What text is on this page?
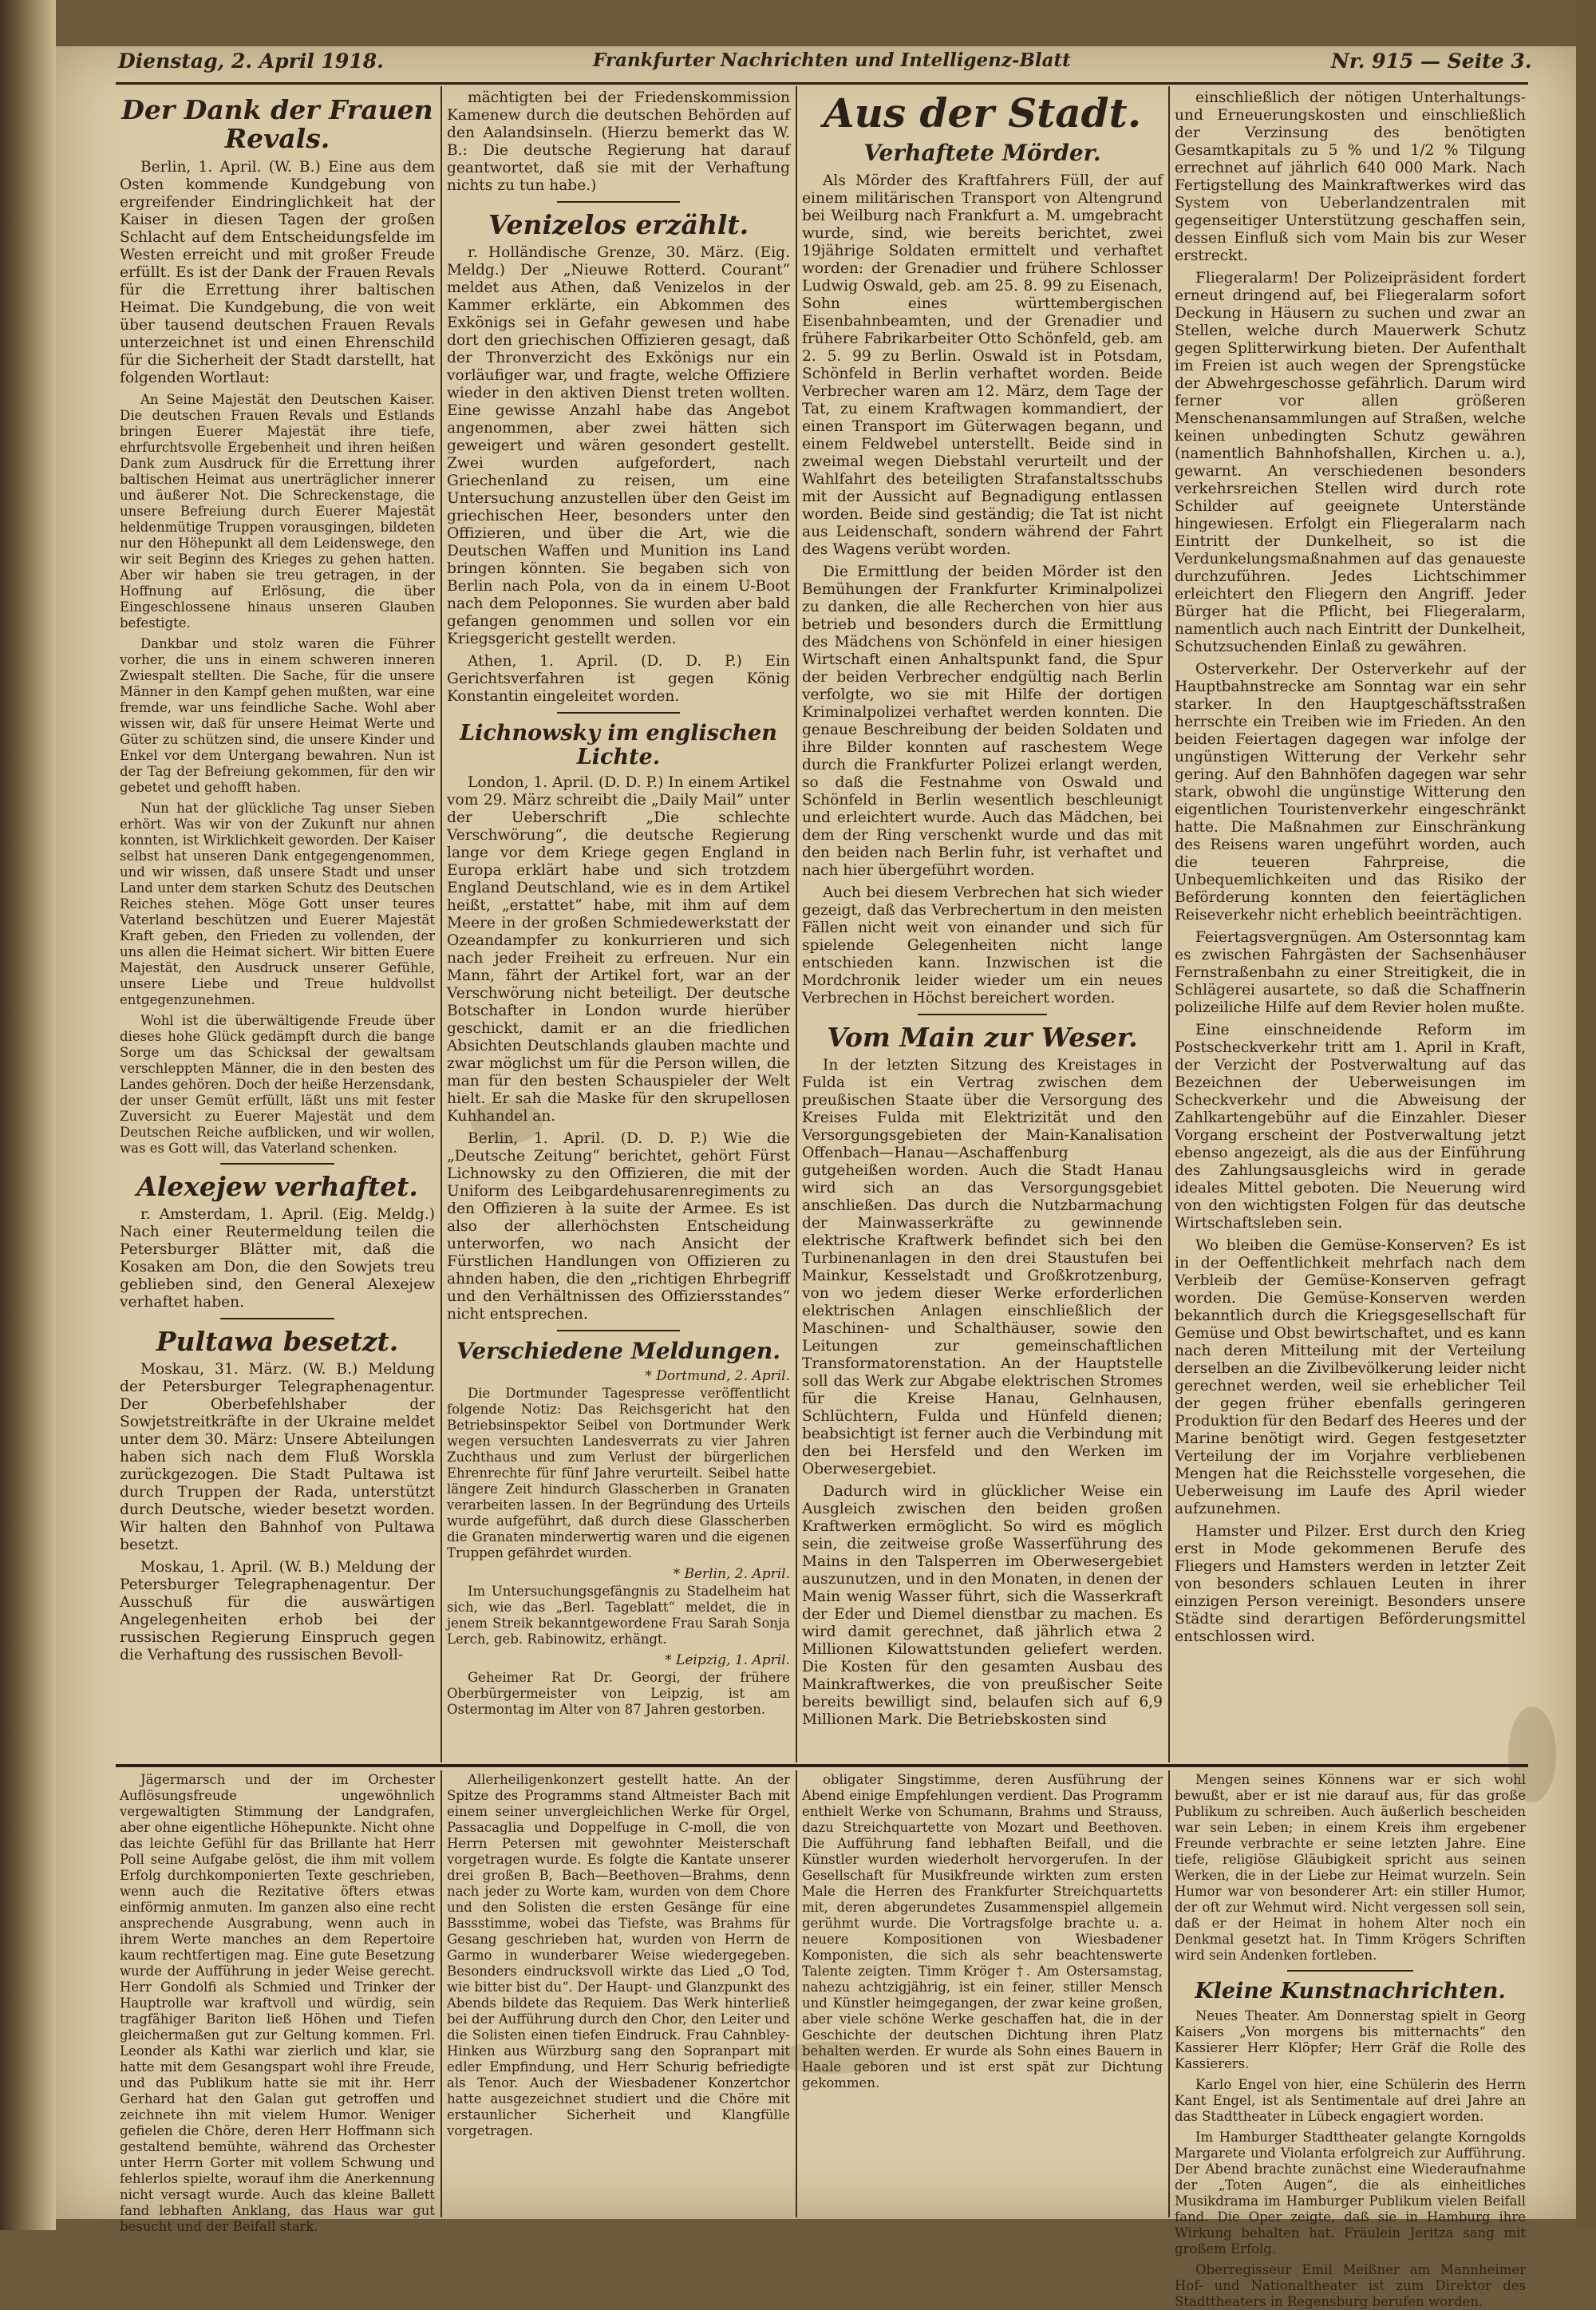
Dienstag, 2. April 1918.	Frankfurter Nachrichten und Intelligenz-Blatt	Nr. 915 — Seite 3.
Der Dank der Frauen Revals.

Berlin, 1. April. (W. B.) Eine aus dem Osten kommende Kundgebung von ergreifender Eindringlichkeit hat der Kaiser in diesen Tagen der großen Schlacht auf dem Entscheidungsfelde im Westen erreicht und mit großer Freude erfüllt. Es ist der Dank der Frauen Revals für die Errettung ihrer baltischen Heimat. Die Kundgebung, die von weit über tausend deutschen Frauen Revals unterzeichnet ist und einen Ehrenschild für die Sicherheit der Stadt darstellt, hat folgenden Wortlaut:

An Seine Majestät den Deutschen Kaiser. Die deutschen Frauen Revals und Estlands bringen Euerer Majestät ihre tiefe, ehrfurchtsvolle Ergebenheit und ihren heißen Dank zum Ausdruck für die Errettung ihrer baltischen Heimat aus unerträglicher innerer und äußerer Not. Die Schreckenstage, die unsere Befreiung durch Euerer Majestät heldenmütige Truppen vorausgingen, bildeten nur den Höhepunkt all dem Leidenswege, den wir seit Beginn des Krieges zu gehen hatten. Aber wir haben sie treu getragen, in der Hoffnung auf Erlösung, die über Eingeschlossene hinaus unseren Glauben befestigte.

Dankbar und stolz waren die Führer vorher, die uns in einem schweren inneren Zwiespalt stellten. Die Sache, für die unsere Männer in den Kampf gehen mußten, war eine fremde, war uns feindliche Sache. Wohl aber wissen wir, daß für unsere Heimat Werte und Güter zu schützen sind, die unsere Kinder und Enkel vor dem Untergang bewahren. Nun ist der Tag der Befreiung gekommen, für den wir gebetet und gehofft haben.

Nun hat der glückliche Tag unser Sieben erhört. Was wir von der Zukunft nur ahnen konnten, ist Wirklichkeit geworden. Der Kaiser selbst hat unseren Dank entgegengenommen, und wir wissen, daß unsere Stadt und unser Land unter dem starken Schutz des Deutschen Reiches stehen. Möge Gott unser teures Vaterland beschützen und Euerer Majestät Kraft geben, den Frieden zu vollenden, der uns allen die Heimat sichert. Wir bitten Euere Majestät, den Ausdruck unserer Gefühle, unsere Liebe und Treue huldvollst entgegenzunehmen.

Wohl ist die überwältigende Freude über dieses hohe Glück gedämpft durch die bange Sorge um das Schicksal der gewaltsam verschleppten Männer, die in den besten des Landes gehören. Doch der heiße Herzensdank, der unser Gemüt erfüllt, läßt uns mit fester Zuversicht zu Euerer Majestät und dem Deutschen Reiche aufblicken, und wir wollen, was es Gott will, das Vaterland schenken.

Alexejew verhaftet.

r. Amsterdam, 1. April. (Eig. Meldg.) Nach einer Reutermeldung teilen die Petersburger Blätter mit, daß die Kosaken am Don, die den Sowjets treu geblieben sind, den General Alexejew verhaftet haben.

Pultawa besetzt.

Moskau, 31. März. (W. B.) Meldung der Petersburger Telegraphenagentur. Der Oberbefehlshaber der Sowjetstreitkräfte in der Ukraine meldet unter dem 30. März: Unsere Abteilungen haben sich nach dem Fluß Worskla zurückgezogen. Die Stadt Pultawa ist durch Truppen der Rada, unterstützt durch Deutsche, wieder besetzt worden. Wir halten den Bahnhof von Pultawa besetzt.

Moskau, 1. April. (W. B.) Meldung der Petersburger Telegraphenagentur. Der Ausschuß für die auswärtigen Angelegenheiten erhob bei der russischen Regierung Einspruch gegen die Verhaftung des russischen Bevoll-

mächtigten bei der Friedenskommission Kamenew durch die deutschen Behörden auf den Aalandsinseln. (Hierzu bemerkt das W. B.: Die deutsche Regierung hat darauf geantwortet, daß sie mit der Verhaftung nichts zu tun habe.)

Venizelos erzählt.

r. Holländische Grenze, 30. März. (Eig. Meldg.) Der „Nieuwe Rotterd. Courant“ meldet aus Athen, daß Venizelos in der Kammer erklärte, ein Abkommen des Exkönigs sei in Gefahr gewesen und habe dort den griechischen Offizieren gesagt, daß der Thronverzicht des Exkönigs nur ein vorläufiger war, und fragte, welche Offiziere wieder in den aktiven Dienst treten wollten. Eine gewisse Anzahl habe das Angebot angenommen, aber zwei hätten sich geweigert und wären gesondert gestellt. Zwei wurden aufgefordert, nach Griechenland zu reisen, um eine Untersuchung anzustellen über den Geist im griechischen Heer, besonders unter den Offizieren, und über die Art, wie die Deutschen Waffen und Munition ins Land bringen könnten. Sie begaben sich von Berlin nach Pola, von da in einem U-Boot nach dem Peloponnes. Sie wurden aber bald gefangen genommen und sollen vor ein Kriegsgericht gestellt werden.

Athen, 1. April. (D. D. P.) Ein Gerichtsverfahren ist gegen König Konstantin eingeleitet worden.

Lichnowsky im englischen Lichte.

London, 1. April. (D. D. P.) In einem Artikel vom 29. März schreibt die „Daily Mail“ unter der Ueberschrift „Die schlechte Verschwörung“, die deutsche Regierung lange vor dem Kriege gegen England in Europa erklärt habe und sich trotzdem England Deutschland, wie es in dem Artikel heißt, „erstattet“ habe, mit ihm auf dem Meere in der großen Schmiedewerkstatt der Ozeandampfer zu konkurrieren und sich nach jeder Freiheit zu erfreuen. Nur ein Mann, fährt der Artikel fort, war an der Verschwörung nicht beteiligt. Der deutsche Botschafter in London wurde hierüber geschickt, damit er an die friedlichen Absichten Deutschlands glauben machte und zwar möglichst um für die Person willen, die man für den besten Schauspieler der Welt hielt. Er sah die Maske für den skrupellosen Kuhhandel an.

Berlin, 1. April. (D. D. P.) Wie die „Deutsche Zeitung“ berichtet, gehört Fürst Lichnowsky zu den Offizieren, die mit der Uniform des Leibgardehusarenregiments zu den Offizieren à la suite der Armee. Es ist also der allerhöchsten Entscheidung unterworfen, wo nach Ansicht der Fürstlichen Handlungen von Offizieren zu ahnden haben, die den „richtigen Ehrbegriff und den Verhältnissen des Offiziersstandes“ nicht entsprechen.

Verschiedene Meldungen.
* Dortmund, 2. April.

Die Dortmunder Tagespresse veröffentlicht folgende Notiz: Das Reichsgericht hat den Betriebsinspektor Seibel von Dortmunder Werk wegen versuchten Landesverrats zu vier Jahren Zuchthaus und zum Verlust der bürgerlichen Ehrenrechte für fünf Jahre verurteilt. Seibel hatte längere Zeit hindurch Glasscherben in Granaten verarbeiten lassen. In der Begründung des Urteils wurde aufgeführt, daß durch diese Glasscherben die Granaten minderwertig waren und die eigenen Truppen gefährdet wurden.

* Berlin, 2. April.

Im Untersuchungsgefängnis zu Stadelheim hat sich, wie das „Berl. Tageblatt“ meldet, die in jenem Streik bekanntgewordene Frau Sarah Sonja Lerch, geb. Rabinowitz, erhängt.

* Leipzig, 1. April.

Geheimer Rat Dr. Georgi, der frühere Oberbürgermeister von Leipzig, ist am Ostermontag im Alter von 87 Jahren gestorben.

Aus der Stadt.
Verhaftete Mörder.

Als Mörder des Kraftfahrers Füll, der auf einem militärischen Transport von Altengrund bei Weilburg nach Frankfurt a. M. umgebracht wurde, sind, wie bereits berichtet, zwei 19jährige Soldaten ermittelt und verhaftet worden: der Grenadier und frühere Schlosser Ludwig Oswald, geb. am 25. 8. 99 zu Eisenach, Sohn eines württembergischen Eisenbahnbeamten, und der Grenadier und frühere Fabrikarbeiter Otto Schönfeld, geb. am 2. 5. 99 zu Berlin. Oswald ist in Potsdam, Schönfeld in Berlin verhaftet worden. Beide Verbrecher waren am 12. März, dem Tage der Tat, zu einem Kraftwagen kommandiert, der einen Transport im Güterwagen begann, und einem Feldwebel unterstellt. Beide sind in zweimal wegen Diebstahl verurteilt und der Wahlfahrt des beteiligten Strafanstaltsschubs mit der Aussicht auf Begnadigung entlassen worden. Beide sind geständig; die Tat ist nicht aus Leidenschaft, sondern während der Fahrt des Wagens verübt worden.

Die Ermittlung der beiden Mörder ist den Bemühungen der Frankfurter Kriminalpolizei zu danken, die alle Recherchen von hier aus betrieb und besonders durch die Ermittlung des Mädchens von Schönfeld in einer hiesigen Wirtschaft einen Anhaltspunkt fand, die Spur der beiden Verbrecher endgültig nach Berlin verfolgte, wo sie mit Hilfe der dortigen Kriminalpolizei verhaftet werden konnten. Die genaue Beschreibung der beiden Soldaten und ihre Bilder konnten auf raschestem Wege durch die Frankfurter Polizei erlangt werden, so daß die Festnahme von Oswald und Schönfeld in Berlin wesentlich beschleunigt und erleichtert wurde. Auch das Mädchen, bei dem der Ring verschenkt wurde und das mit den beiden nach Berlin fuhr, ist verhaftet und nach hier übergeführt worden.

Auch bei diesem Verbrechen hat sich wieder gezeigt, daß das Verbrechertum in den meisten Fällen nicht weit von einander und sich für spielende Gelegenheiten nicht lange entschieden kann. Inzwischen ist die Mordchronik leider wieder um ein neues Verbrechen in Höchst bereichert worden.

Vom Main zur Weser.

In der letzten Sitzung des Kreistages in Fulda ist ein Vertrag zwischen dem preußischen Staate über die Versorgung des Kreises Fulda mit Elektrizität und den Versorgungsgebieten der Main-Kanalisation Offenbach—Hanau—Aschaffenburg gutgeheißen worden. Auch die Stadt Hanau wird sich an das Versorgungsgebiet anschließen. Das durch die Nutzbarmachung der Mainwasserkräfte zu gewinnende elektrische Kraftwerk befindet sich bei den Turbinenanlagen in den drei Staustufen bei Mainkur, Kesselstadt und Großkrotzenburg, von wo jedem dieser Werke erforderlichen elektrischen Anlagen einschließlich der Maschinen- und Schalthäuser, sowie den Leitungen zur gemeinschaftlichen Transformatorenstation. An der Hauptstelle soll das Werk zur Abgabe elektrischen Stromes für die Kreise Hanau, Gelnhausen, Schlüchtern, Fulda und Hünfeld dienen; beabsichtigt ist ferner auch die Verbindung mit den bei Hersfeld und den Werken im Oberwesergebiet.

Dadurch wird in glücklicher Weise ein Ausgleich zwischen den beiden großen Kraftwerken ermöglicht. So wird es möglich sein, die zeitweise große Wasserführung des Mains in den Talsperren im Oberwesergebiet auszunutzen, und in den Monaten, in denen der Main wenig Wasser führt, sich die Wasserkraft der Eder und Diemel dienstbar zu machen. Es wird damit gerechnet, daß jährlich etwa 2 Millionen Kilowattstunden geliefert werden. Die Kosten für den gesamten Ausbau des Mainkraftwerkes, die von preußischer Seite bereits bewilligt sind, belaufen sich auf 6,9 Millionen Mark. Die Betriebskosten sind

einschließlich der nötigen Unterhaltungs- und Erneuerungskosten und einschließlich der Verzinsung des benötigten Gesamtkapitals zu 5 % und 1/2 % Tilgung errechnet auf jährlich 640 000 Mark. Nach Fertigstellung des Mainkraftwerkes wird das System von Ueberlandzentralen mit gegenseitiger Unterstützung geschaffen sein, dessen Einfluß sich vom Main bis zur Weser erstreckt.

Fliegeralarm! Der Polizeipräsident fordert erneut dringend auf, bei Fliegeralarm sofort Deckung in Häusern zu suchen und zwar an Stellen, welche durch Mauerwerk Schutz gegen Splitterwirkung bieten. Der Aufenthalt im Freien ist auch wegen der Sprengstücke der Abwehrgeschosse gefährlich. Darum wird ferner vor allen größeren Menschenansammlungen auf Straßen, welche keinen unbedingten Schutz gewähren (namentlich Bahnhofshallen, Kirchen u. a.), gewarnt. An verschiedenen besonders verkehrsreichen Stellen wird durch rote Schilder auf geeignete Unterstände hingewiesen. Erfolgt ein Fliegeralarm nach Eintritt der Dunkelheit, so ist die Verdunkelungsmaßnahmen auf das genaueste durchzuführen. Jedes Lichtschimmer erleichtert den Fliegern den Angriff. Jeder Bürger hat die Pflicht, bei Fliegeralarm, namentlich auch nach Eintritt der Dunkelheit, Schutzsuchenden Einlaß zu gewähren.

Osterverkehr. Der Osterverkehr auf der Hauptbahnstrecke am Sonntag war ein sehr starker. In den Hauptgeschäftsstraßen herrschte ein Treiben wie im Frieden. An den beiden Feiertagen dagegen war infolge der ungünstigen Witterung der Verkehr sehr gering. Auf den Bahnhöfen dagegen war sehr stark, obwohl die ungünstige Witterung den eigentlichen Touristenverkehr eingeschränkt hatte. Die Maßnahmen zur Einschränkung des Reisens waren ungeführt worden, auch die teueren Fahrpreise, die Unbequemlichkeiten und das Risiko der Beförderung konnten den feiertäglichen Reiseverkehr nicht erheblich beeinträchtigen.

Feiertagsvergnügen. Am Ostersonntag kam es zwischen Fahrgästen der Sachsenhäuser Fernstraßenbahn zu einer Streitigkeit, die in Schlägerei ausartete, so daß die Schaffnerin polizeiliche Hilfe auf dem Revier holen mußte.

Eine einschneidende Reform im Postscheckverkehr tritt am 1. April in Kraft, der Verzicht der Postverwaltung auf das Bezeichnen der Ueberweisungen im Scheckverkehr und die Abweisung der Zahlkartengebühr auf die Einzahler. Dieser Vorgang erscheint der Postverwaltung jetzt ebenso angezeigt, als die aus der Einführung des Zahlungsausgleichs wird in gerade ideales Mittel geboten. Die Neuerung wird von den wichtigsten Folgen für das deutsche Wirtschaftsleben sein.

Wo bleiben die Gemüse-Konserven? Es ist in der Oeffentlichkeit mehrfach nach dem Verbleib der Gemüse-Konserven gefragt worden. Die Gemüse-Konserven werden bekanntlich durch die Kriegsgesellschaft für Gemüse und Obst bewirtschaftet, und es kann nach deren Mitteilung mit der Verteilung derselben an die Zivilbevölkerung leider nicht gerechnet werden, weil sie erheblicher Teil der gegen früher ebenfalls geringeren Produktion für den Bedarf des Heeres und der Marine benötigt wird. Gegen festgesetzter Verteilung der im Vorjahre verbliebenen Mengen hat die Reichsstelle vorgesehen, die Ueberweisung im Laufe des April wieder aufzunehmen.

Hamster und Pilzer. Erst durch den Krieg erst in Mode gekommenen Berufe des Fliegers und Hamsters werden in letzter Zeit von besonders schlauen Leuten in ihrer einzigen Person vereinigt. Besonders unsere Städte sind derartigen Beförderungsmittel entschlossen wird.

Jägermarsch und der im Orchester Auflösungsfreude ungewöhnlich vergewaltigten Stimmung der Landgrafen, aber ohne eigentliche Höhepunkte. Nicht ohne das leichte Gefühl für das Brillante hat Herr Poll seine Aufgabe gelöst, die ihm mit vollem Erfolg durchkomponierten Texte geschrieben, wenn auch die Rezitative öfters etwas einförmig anmuten. Im ganzen also eine recht ansprechende Ausgrabung, wenn auch in ihrem Werte manches an dem Repertoire kaum rechtfertigen mag. Eine gute Besetzung wurde der Aufführung in jeder Weise gerecht. Herr Gondolfi als Schmied und Trinker der Hauptrolle war kraftvoll und würdig, sein tragfähiger Bariton ließ Höhen und Tiefen gleichermaßen gut zur Geltung kommen. Frl. Leonder als Kathi war zierlich und klar, sie hatte mit dem Gesangspart wohl ihre Freude, und das Publikum hatte sie mit ihr. Herr Gerhard hat den Galan gut getroffen und zeichnete ihn mit vielem Humor. Weniger gefielen die Chöre, deren Herr Hoffmann sich gestaltend bemühte, während das Orchester unter Herrn Gorter mit vollem Schwung und fehlerlos spielte, worauf ihm die Anerkennung nicht versagt wurde. Auch das kleine Ballett fand lebhaften Anklang, das Haus war gut besucht und der Beifall stark.

Allerheiligenkonzert gestellt hatte. An der Spitze des Programms stand Altmeister Bach mit einem seiner unvergleichlichen Werke für Orgel, Passacaglia und Doppelfuge in C-moll, die von Herrn Petersen mit gewohnter Meisterschaft vorgetragen wurde. Es folgte die Kantate unserer drei großen B, Bach—Beethoven—Brahms, denn nach jeder zu Worte kam, wurden von dem Chore und den Solisten die ersten Gesänge für eine Bassstimme, wobei das Tiefste, was Brahms für Gesang geschrieben hat, wurden von Herrn de Garmo in wunderbarer Weise wiedergegeben. Besonders eindrucksvoll wirkte das Lied „O Tod, wie bitter bist du“. Der Haupt- und Glanzpunkt des Abends bildete das Requiem. Das Werk hinterließ bei der Aufführung durch den Chor, den Leiter und die Solisten einen tiefen Eindruck. Frau Cahnbley-Hinken aus Würzburg sang den Sopranpart mit edler Empfindung, und Herr Schurig befriedigte als Tenor. Auch der Wiesbadener Konzertchor hatte ausgezeichnet studiert und die Chöre mit erstaunlicher Sicherheit und Klangfülle vorgetragen.

obligater Singstimme, deren Ausführung der Abend einige Empfehlungen verdient. Das Programm enthielt Werke von Schumann, Brahms und Strauss, dazu Streichquartette von Mozart und Beethoven. Die Aufführung fand lebhaften Beifall, und die Künstler wurden wiederholt hervorgerufen. In der Gesellschaft für Musikfreunde wirkten zum ersten Male die Herren des Frankfurter Streichquartetts mit, deren abgerundetes Zusammenspiel allgemein gerühmt wurde. Die Vortragsfolge brachte u. a. neuere Kompositionen von Wiesbadener Komponisten, die sich als sehr beachtenswerte Talente zeigten. Timm Kröger †. Am Ostersamstag, nahezu achtzigjährig, ist ein feiner, stiller Mensch und Künstler heimgegangen, der zwar keine großen, aber viele schöne Werke geschaffen hat, die in der Geschichte der deutschen Dichtung ihren Platz behalten werden. Er wurde als Sohn eines Bauern in Haale geboren und ist erst spät zur Dichtung gekommen.

Mengen seines Könnens war er sich wohl bewußt, aber er ist nie darauf aus, für das große Publikum zu schreiben. Auch äußerlich bescheiden war sein Leben; in einem Kreis ihm ergebener Freunde verbrachte er seine letzten Jahre. Eine tiefe, religiöse Gläubigkeit spricht aus seinen Werken, die in der Liebe zur Heimat wurzeln. Sein Humor war von besonderer Art: ein stiller Humor, der oft zur Wehmut wird. Nicht vergessen soll sein, daß er der Heimat in hohem Alter noch ein Denkmal gesetzt hat. In Timm Krögers Schriften wird sein Andenken fortleben.

Kleine Kunstnachrichten.

Neues Theater. Am Donnerstag spielt in Georg Kaisers „Von morgens bis mitternachts“ den Kassierer Herr Klöpfer; Herr Gräf die Rolle des Kassierers.

Karlo Engel von hier, eine Schülerin des Herrn Kant Engel, ist als Sentimentale auf drei Jahre an das Stadttheater in Lübeck engagiert worden.

Im Hamburger Stadttheater gelangte Korngolds Margarete und Violanta erfolgreich zur Aufführung. Der Abend brachte zunächst eine Wiederaufnahme der „Toten Augen“, die als einheitliches Musikdrama im Hamburger Publikum vielen Beifall fand. Die Oper zeigte, daß sie in Hamburg ihre Wirkung behalten hat. Fräulein Jeritza sang mit großem Erfolg.

Oberregisseur Emil Meißner am Mannheimer Hof- und Nationaltheater ist zum Direktor des Stadttheaters in Regensburg berufen worden.
